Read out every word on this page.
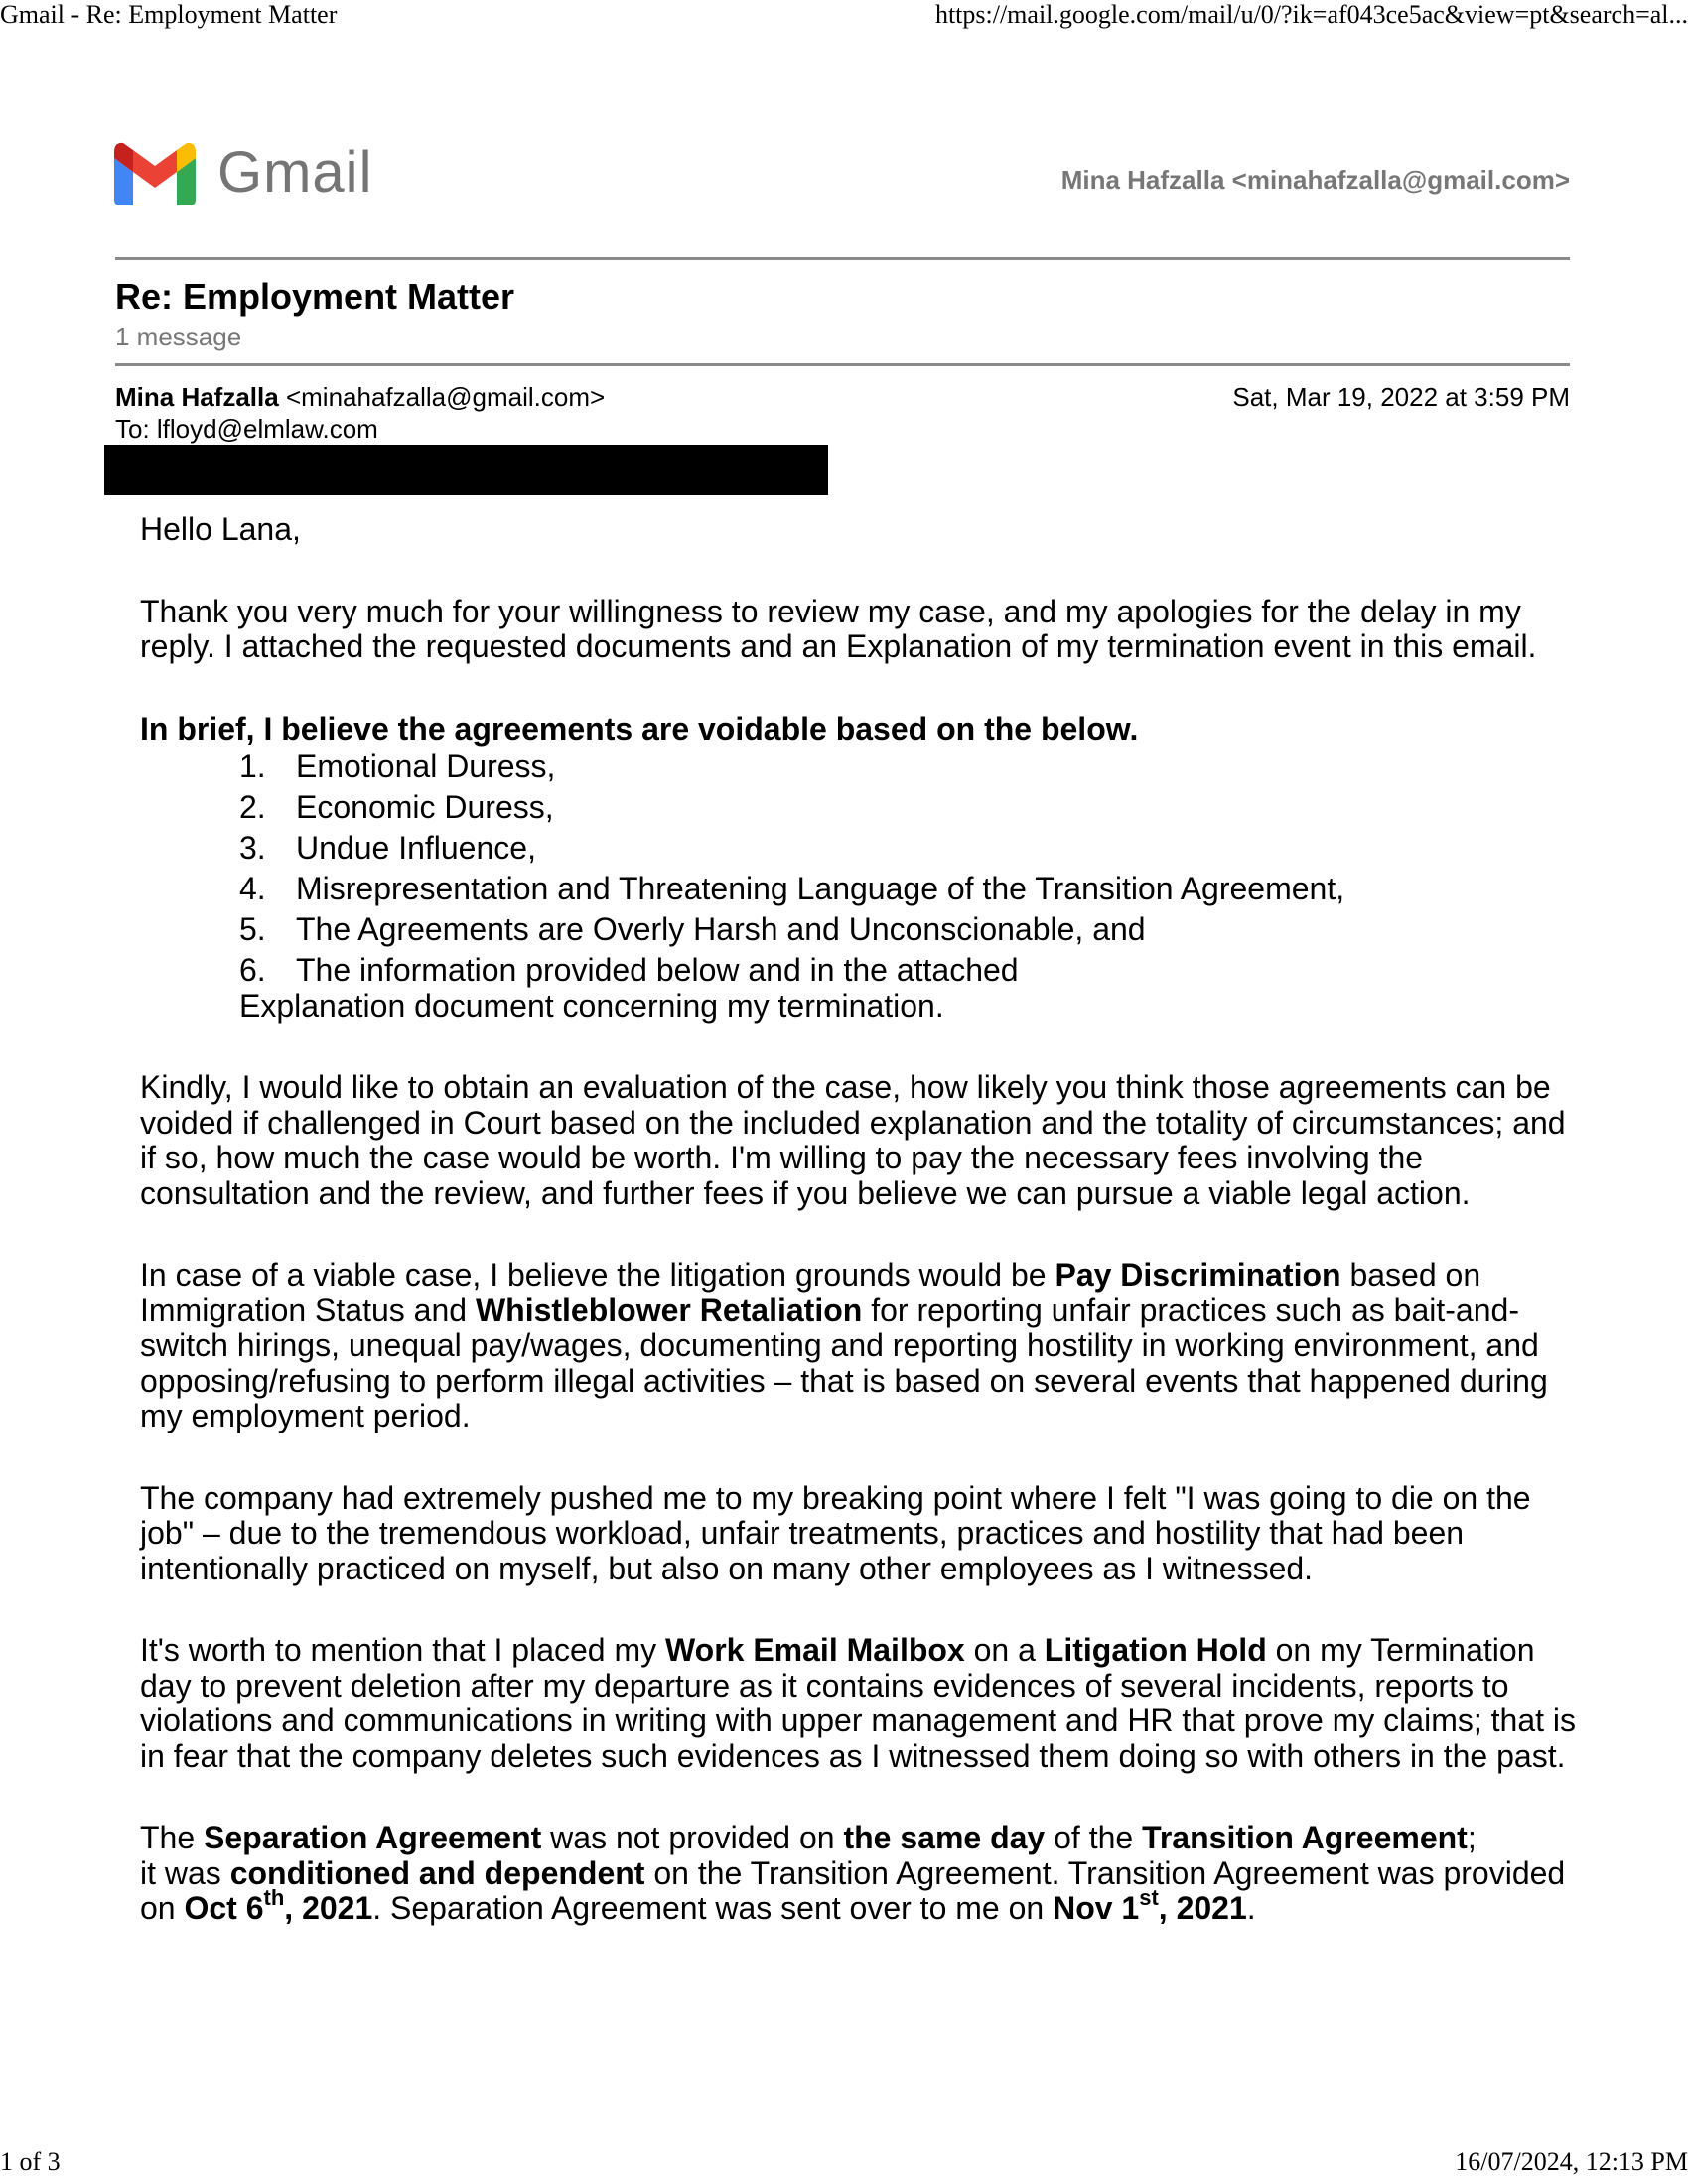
Gmail - Re: Employment Matter	https://mail.google.com/mail/u/0/?ik=af043ce5ac&view=pt&search=al...
Gmail	Mina Hafzalla <minahafzalla@gmail.com>
Re: Employment Matter
1 message
Mina Hafzalla <minahafzalla@gmail.com>	Sat, Mar 19, 2022 at 3:59 PM
To: lfloyd@elmlaw.com

Hello Lana,

Thank you very much for your willingness to review my case, and my apologies for the delay in my reply. I attached the requested documents and an Explanation of my termination event in this email.

In brief, I believe the agreements are voidable based on the below.

1. Emotional Duress,
2. Economic Duress,
3. Undue Influence,
4. Misrepresentation and Threatening Language of the Transition Agreement,
5. The Agreements are Overly Harsh and Unconscionable, and
6. The information provided below and in the attached Explanation document concerning my termination.

Kindly, I would like to obtain an evaluation of the case, how likely you think those agreements can be voided if challenged in Court based on the included explanation and the totality of circumstances; and if so, how much the case would be worth. I'm willing to pay the necessary fees involving the consultation and the review, and further fees if you believe we can pursue a viable legal action.

In case of a viable case, I believe the litigation grounds would be Pay Discrimination based on Immigration Status and Whistleblower Retaliation for reporting unfair practices such as bait-and-switch hirings, unequal pay/wages, documenting and reporting hostility in working environment, and opposing/refusing to perform illegal activities – that is based on several events that happened during my employment period.

The company had extremely pushed me to my breaking point where I felt "I was going to die on the job" – due to the tremendous workload, unfair treatments, practices and hostility that had been intentionally practiced on myself, but also on many other employees as I witnessed.

It's worth to mention that I placed my Work Email Mailbox on a Litigation Hold on my Termination day to prevent deletion after my departure as it contains evidences of several incidents, reports to violations and communications in writing with upper management and HR that prove my claims; that is in fear that the company deletes such evidences as I witnessed them doing so with others in the past.

The Separation Agreement was not provided on the same day of the Transition Agreement;
it was conditioned and dependent on the Transition Agreement. Transition Agreement was provided on Oct 6th, 2021. Separation Agreement was sent over to me on Nov 1st, 2021.

1 of 3	16/07/2024, 12:13 PM
